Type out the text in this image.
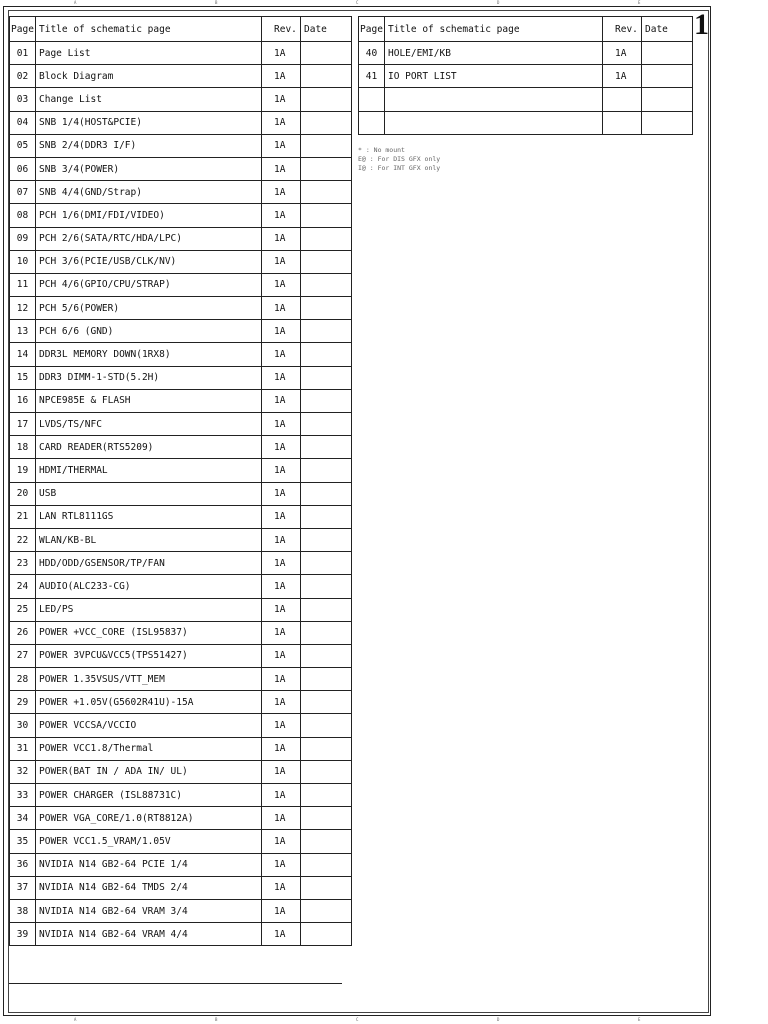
A	B	C	D	E
A	B	C	D	E
1
Page	Title of schematic page	Rev.	Date
01	Page List	1A	
02	Block Diagram	1A	
03	Change List	1A	
04	SNB 1/4(HOST&PCIE)	1A	
05	SNB 2/4(DDR3 I/F)	1A	
06	SNB 3/4(POWER)	1A	
07	SNB 4/4(GND/Strap)	1A	
08	PCH 1/6(DMI/FDI/VIDEO)	1A	
09	PCH 2/6(SATA/RTC/HDA/LPC)	1A	
10	PCH 3/6(PCIE/USB/CLK/NV)	1A	
11	PCH 4/6(GPIO/CPU/STRAP)	1A	
12	PCH 5/6(POWER)	1A	
13	PCH 6/6 (GND)	1A	
14	DDR3L MEMORY DOWN(1RX8)	1A	
15	DDR3 DIMM-1-STD(5.2H)	1A	
16	NPCE985E & FLASH	1A	
17	LVDS/TS/NFC	1A	
18	CARD READER(RTS5209)	1A	
19	HDMI/THERMAL	1A	
20	USB	1A	
21	LAN RTL8111GS	1A	
22	WLAN/KB-BL	1A	
23	HDD/ODD/GSENSOR/TP/FAN	1A	
24	AUDIO(ALC233-CG)	1A	
25	LED/PS	1A	
26	POWER +VCC_CORE (ISL95837)	1A	
27	POWER 3VPCU&VCC5(TPS51427)	1A	
28	POWER 1.35VSUS/VTT_MEM	1A	
29	POWER +1.05V(G5602R41U)-15A	1A	
30	POWER VCCSA/VCCIO	1A	
31	POWER VCC1.8/Thermal	1A	
32	POWER(BAT IN / ADA IN/ UL)	1A	
33	POWER CHARGER (ISL88731C)	1A	
34	POWER VGA_CORE/1.0(RT8812A)	1A	
35	POWER VCC1.5_VRAM/1.05V	1A	
36	NVIDIA N14 GB2-64 PCIE 1/4	1A	
37	NVIDIA N14 GB2-64 TMDS 2/4	1A	
38	NVIDIA N14 GB2-64 VRAM 3/4	1A	
39	NVIDIA N14 GB2-64 VRAM 4/4	1A	
Page	Title of schematic page	Rev.	Date
40	HOLE/EMI/KB	1A	
41	IO PORT LIST	1A	

* : No mount
E@ : For DIS GFX only
I@ : For INT GFX only
